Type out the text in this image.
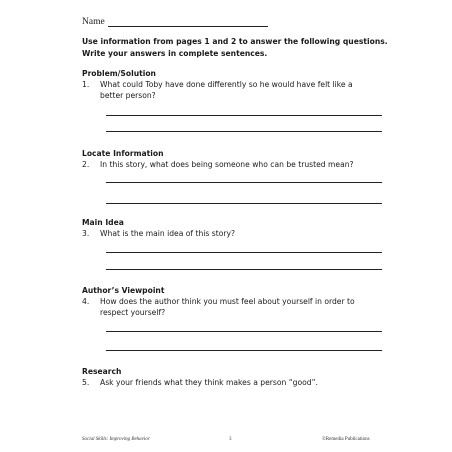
Name
Use information from pages 1 and 2 to answer the following questions.
Write your answers in complete sentences.
Problem/Solution
1.	What could Toby have done differently so he would have felt like a
better person?
Locate Information
2.	In this story, what does being someone who can be trusted mean?
Main Idea
3.	What is the main idea of this story?
Author’s Viewpoint
4.	How does the author think you must feel about yourself in order to
respect yourself?
Research
5.	Ask your friends what they think makes a person “good”.
Social Skills: Improving Behavior	3	©Remedia Publications
